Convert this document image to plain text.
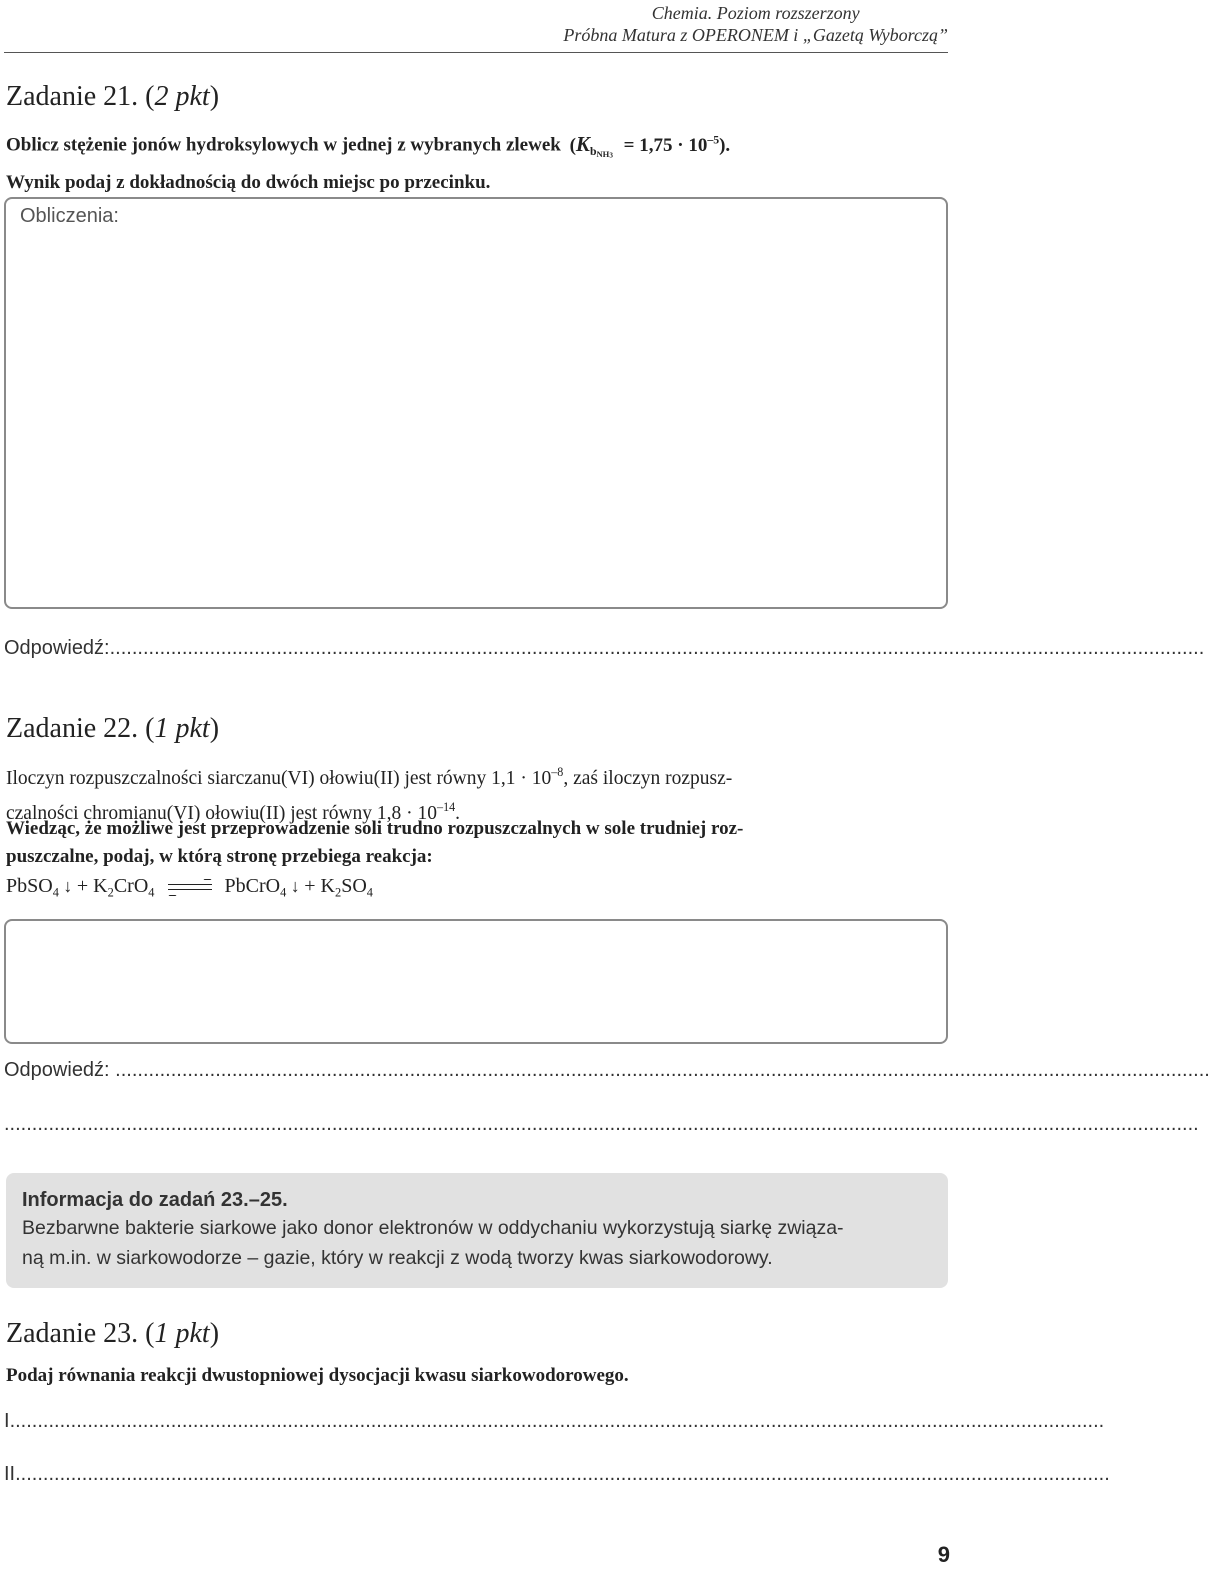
Chemia. Poziom rozszerzony
Próbna Matura z OPERONEM i „Gazetą Wyborczą”
Zadanie 21. (2 pkt)
Oblicz stężenie jonów hydroksylowych w jednej z wybranych zlewek $(K_{bNH3} = 1,75 \cdot 10^{-5})$.
Wynik podaj z dokładnością do dwóch miejsc po przecinku.
Obliczenia:
Odpowiedź:.....................................................................................................................................................................................................
Zadanie 22. (1 pkt)
Iloczyn rozpuszczalności siarczanu(VI) ołowiu(II) jest równy $1,1 \cdot 10^{-8}$, zaś iloczyn rozpusz-
czalności chromianu(VI) ołowiu(II) jest równy $1,8 \cdot 10^{-14}$.
Wiedząc, że możliwe jest przeprowadzenie soli trudno rozpuszczalnych w sole trudniej roz-
puszczalne, podaj, w którą stronę przebiega reakcja:
PbSO$_4$ ↓ + $K_2CrO_4$ → PbCrO$_4$ ↓ + $K_2SO_4$
Odpowiedź: .....................................................................................................................................................................................................
.......................................................................................................................................................................................................................
Informacja do zadań 23.–25.
Bezbarwne bakterie siarkowe jako donor elektronów w oddychaniu wykorzystują siarkę związa-
ną m.in. w siarkowodorze – gazie, który w reakcji z wodą tworzy kwas siarkowodorowy.
Zadanie 23. (1 pkt)
Podaj równania reakcji dwustopniowej dysocjacji kwasu siarkowodorowego.
I.....................................................................................................................................................................................................
II.....................................................................................................................................................................................................
9
